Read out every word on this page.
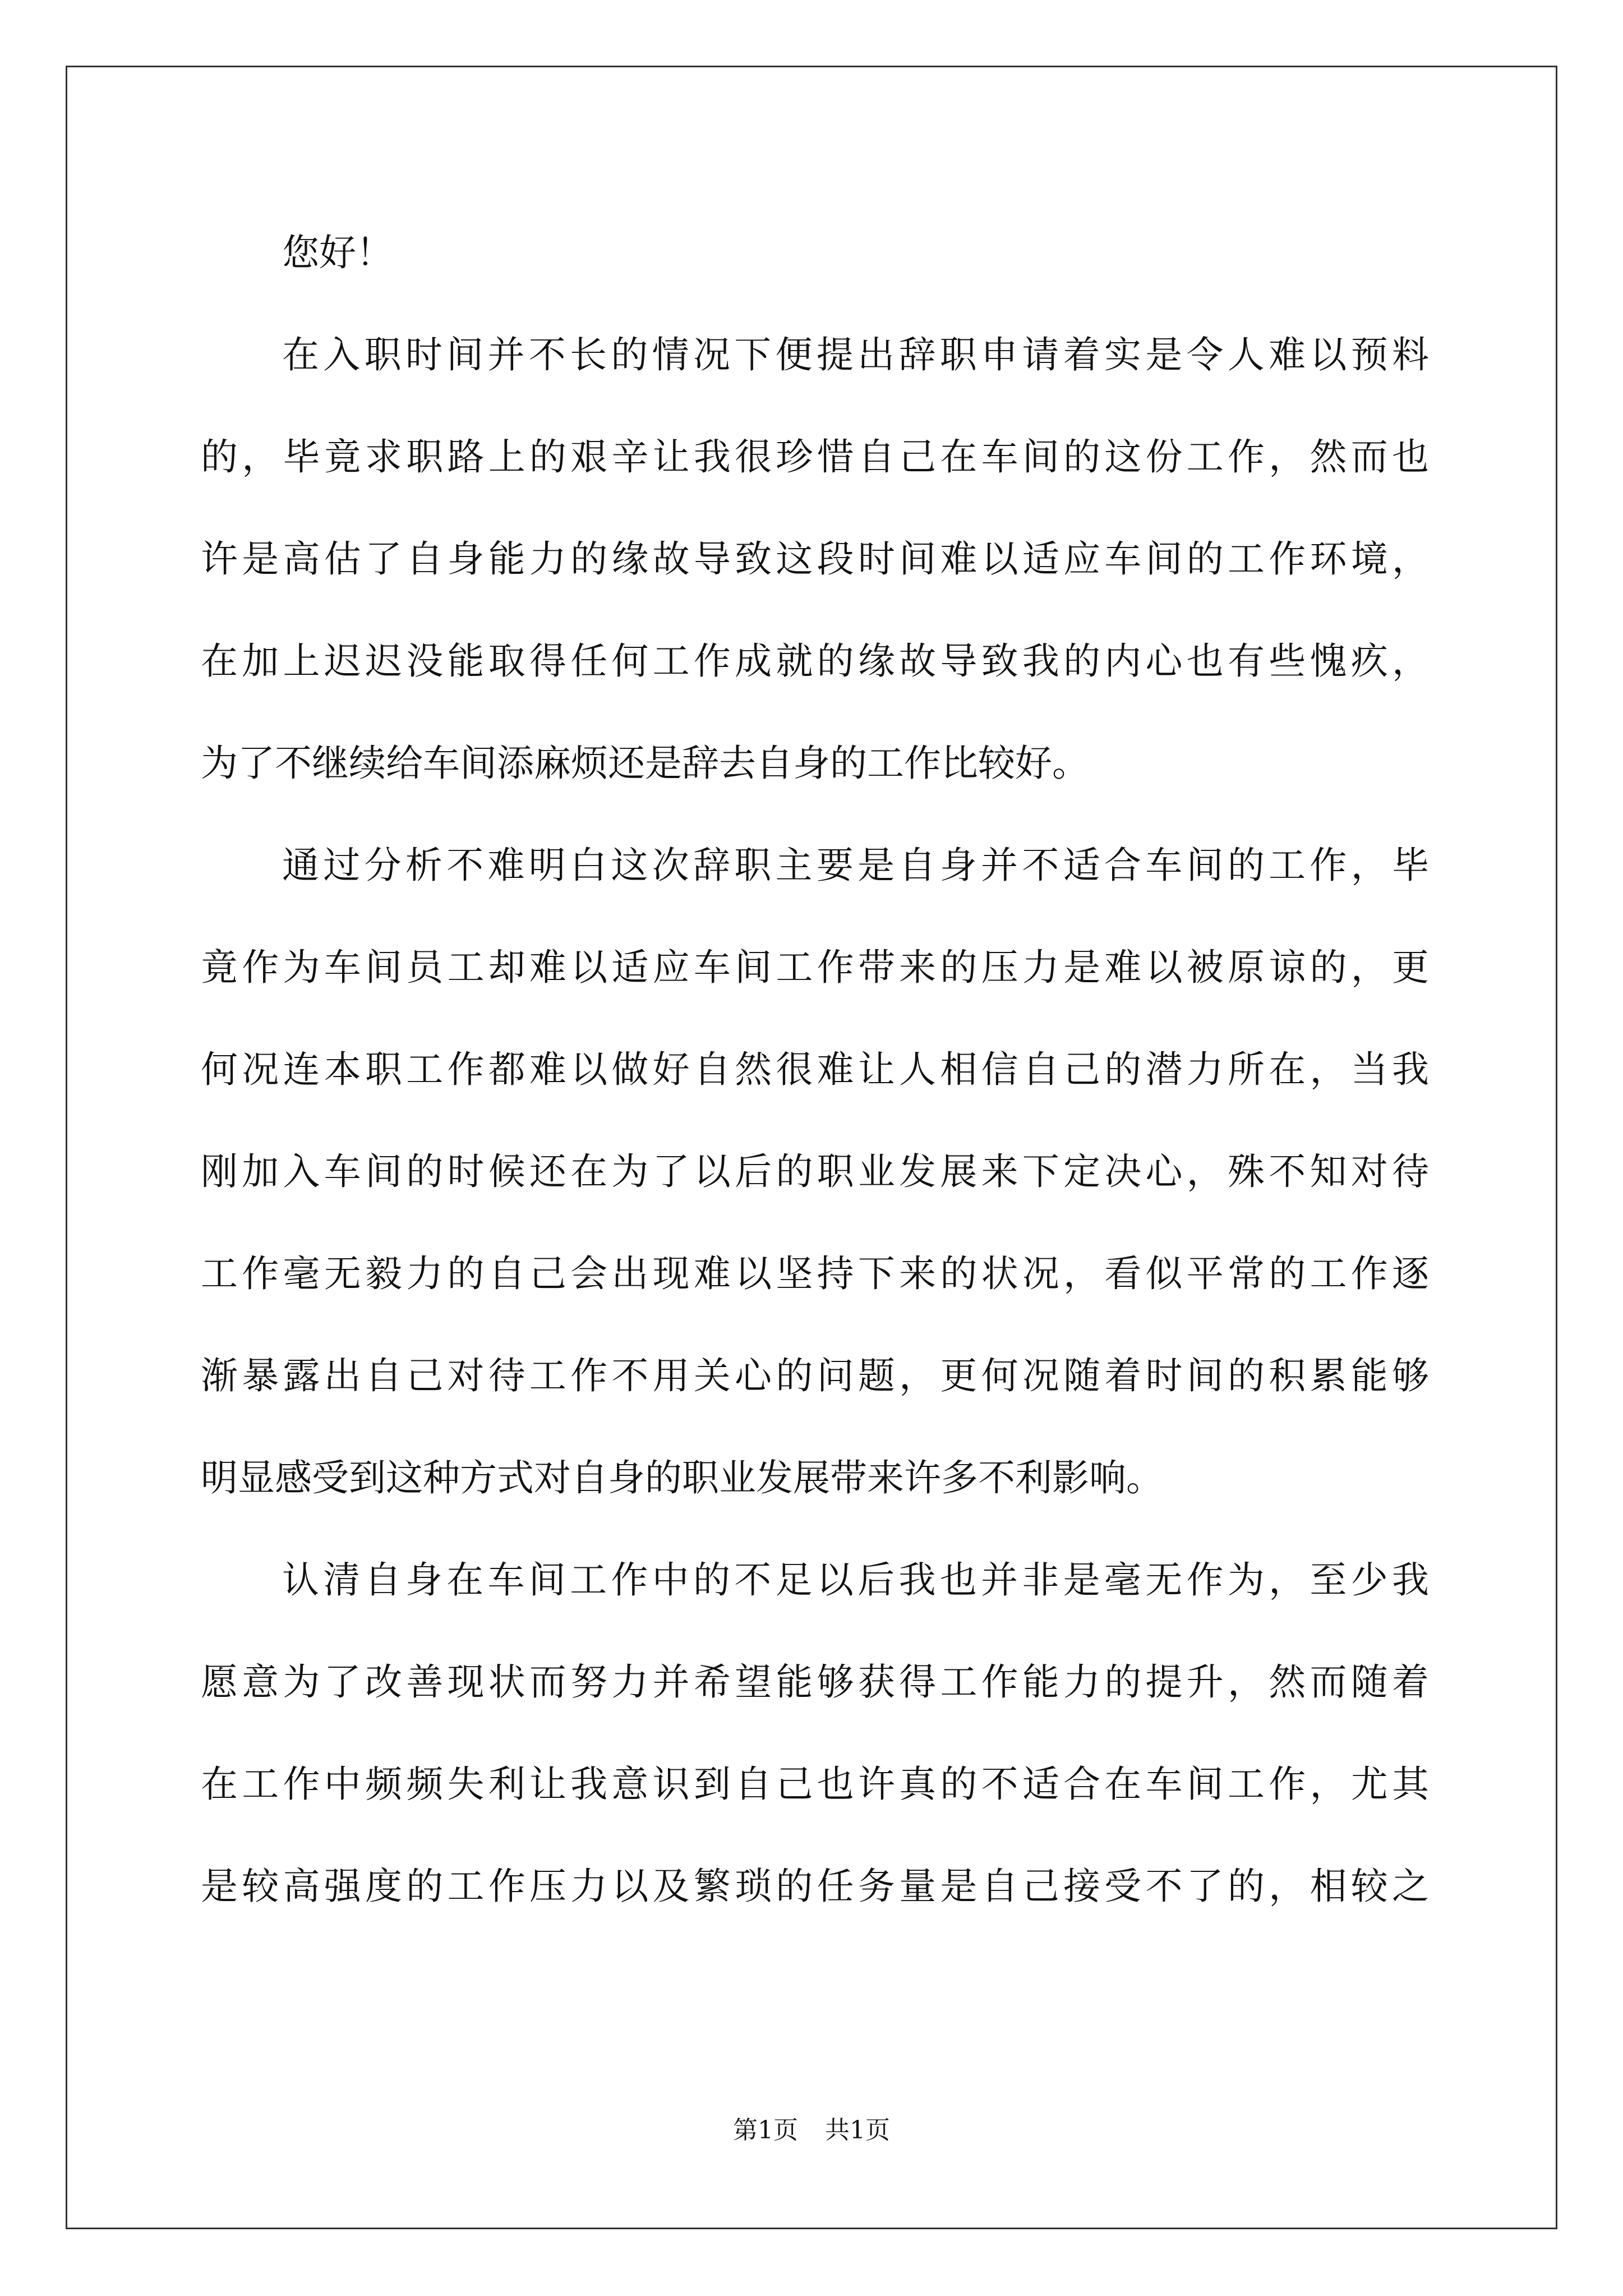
您好！
在入职时间并不长的情况下便提出辞职申请着实是令人难以预料
的，毕竟求职路上的艰辛让我很珍惜自己在车间的这份工作，然而也
许是高估了自身能力的缘故导致这段时间难以适应车间的工作环境，
在加上迟迟没能取得任何工作成就的缘故导致我的内心也有些愧疚，
为了不继续给车间添麻烦还是辞去自身的工作比较好。
通过分析不难明白这次辞职主要是自身并不适合车间的工作，毕
竟作为车间员工却难以适应车间工作带来的压力是难以被原谅的，更
何况连本职工作都难以做好自然很难让人相信自己的潜力所在，当我
刚加入车间的时候还在为了以后的职业发展来下定决心，殊不知对待
工作毫无毅力的自己会出现难以坚持下来的状况，看似平常的工作逐
渐暴露出自己对待工作不用关心的问题，更何况随着时间的积累能够
明显感受到这种方式对自身的职业发展带来许多不利影响。
认清自身在车间工作中的不足以后我也并非是毫无作为，至少我
愿意为了改善现状而努力并希望能够获得工作能力的提升，然而随着
在工作中频频失利让我意识到自己也许真的不适合在车间工作，尤其
是较高强度的工作压力以及繁琐的任务量是自己接受不了的，相较之
第1页 共1页
